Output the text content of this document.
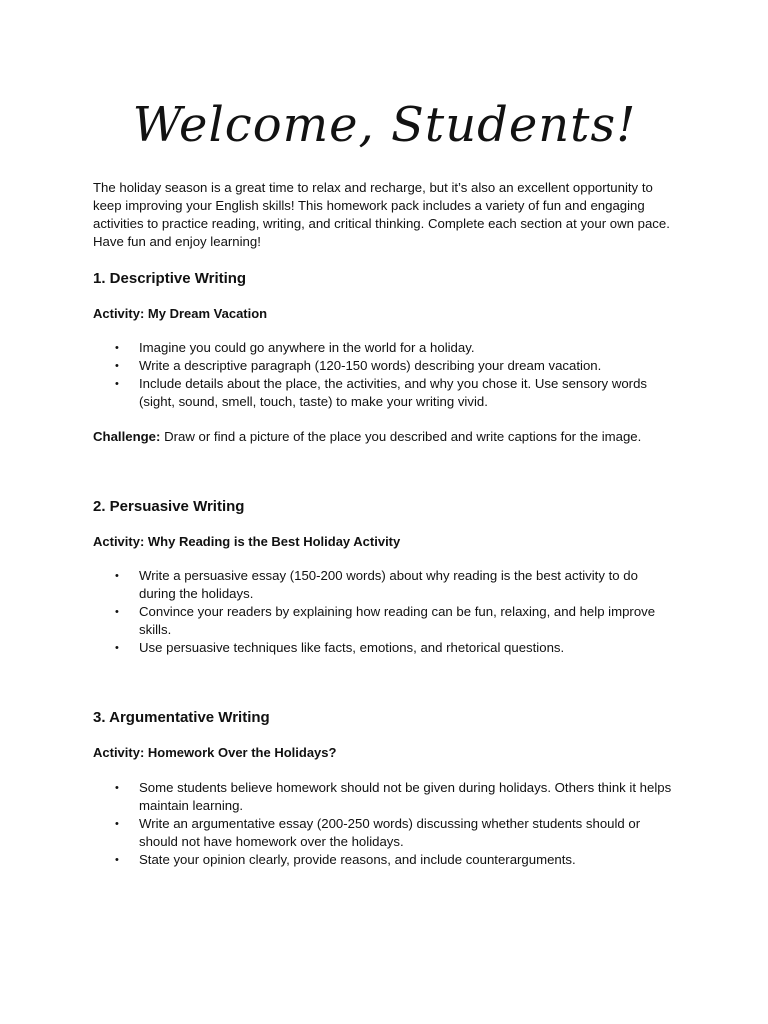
Welcome, Students!

The holiday season is a great time to relax and recharge, but it’s also an excellent opportunity to keep improving your English skills! This homework pack includes a variety of fun and engaging activities to practice reading, writing, and critical thinking. Complete each section at your own pace. Have fun and enjoy learning!

1. Descriptive Writing

Activity: My Dream Vacation

• Imagine you could go anywhere in the world for a holiday.
• Write a descriptive paragraph (120-150 words) describing your dream vacation.
• Include details about the place, the activities, and why you chose it. Use sensory words (sight, sound, smell, touch, taste) to make your writing vivid.

Challenge: Draw or find a picture of the place you described and write captions for the image.

2. Persuasive Writing

Activity: Why Reading is the Best Holiday Activity

• Write a persuasive essay (150-200 words) about why reading is the best activity to do during the holidays.
• Convince your readers by explaining how reading can be fun, relaxing, and help improve skills.
• Use persuasive techniques like facts, emotions, and rhetorical questions.
3. Argumentative Writing

Activity: Homework Over the Holidays?

• Some students believe homework should not be given during holidays. Others think it helps maintain learning.
• Write an argumentative essay (200-250 words) discussing whether students should or should not have homework over the holidays.
• State your opinion clearly, provide reasons, and include counterarguments.
